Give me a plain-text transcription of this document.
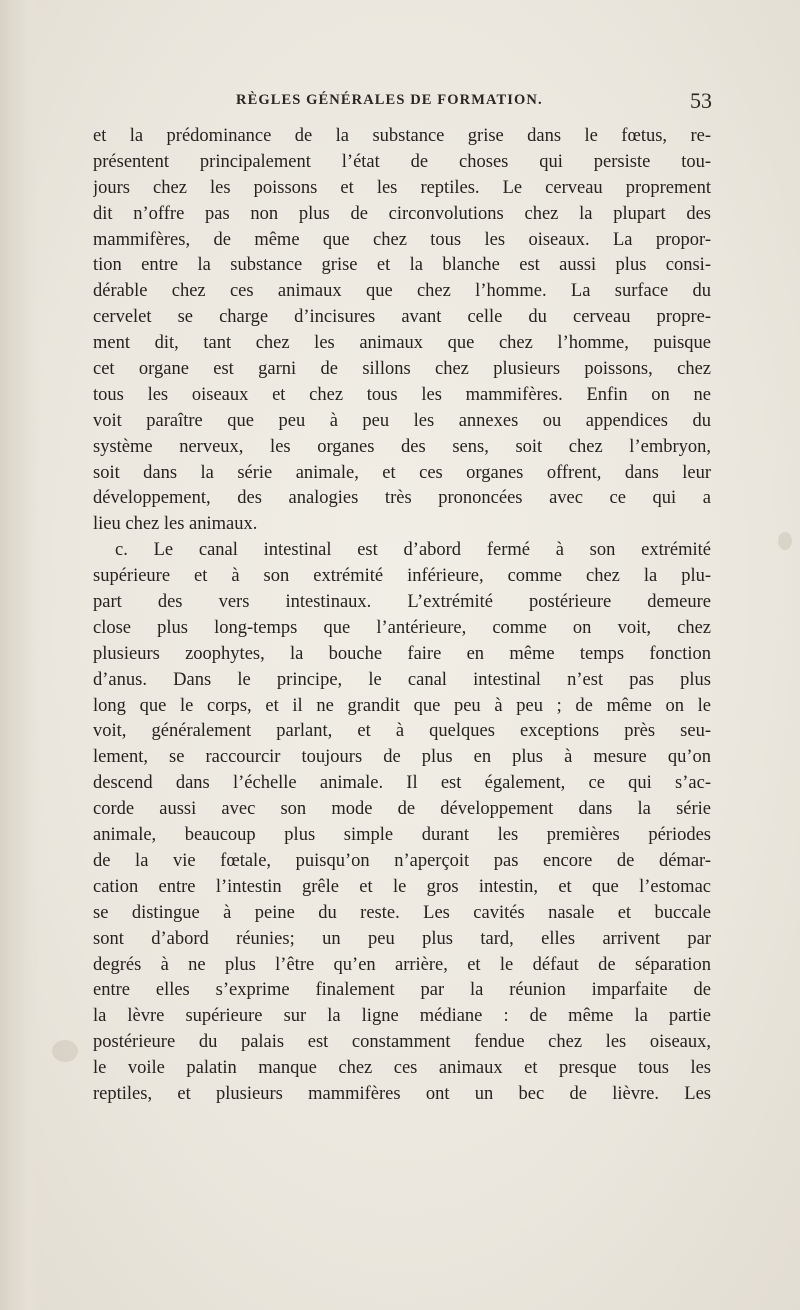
RÈGLES GÉNÉRALES DE FORMATION.	53
et la prédominance de la substance grise dans le fœtus, re-
présentent principalement l’état de choses qui persiste tou-
jours chez les poissons et les reptiles. Le cerveau proprement
dit n’offre pas non plus de circonvolutions chez la plupart des
mammifères, de même que chez tous les oiseaux. La propor-
tion entre la substance grise et la blanche est aussi plus consi-
dérable chez ces animaux que chez l’homme. La surface du
cervelet se charge d’incisures avant celle du cerveau propre-
ment dit, tant chez les animaux que chez l’homme, puisque
cet organe est garni de sillons chez plusieurs poissons, chez
tous les oiseaux et chez tous les mammifères. Enfin on ne
voit paraître que peu à peu les annexes ou appendices du
système nerveux, les organes des sens, soit chez l’embryon,
soit dans la série animale, et ces organes offrent, dans leur
développement, des analogies très prononcées avec ce qui a
lieu chez les animaux.
c. Le canal intestinal est d’abord fermé à son extrémité
supérieure et à son extrémité inférieure, comme chez la plu-
part des vers intestinaux. L’extrémité postérieure demeure
close plus long-temps que l’antérieure, comme on voit, chez
plusieurs zoophytes, la bouche faire en même temps fonction
d’anus. Dans le principe, le canal intestinal n’est pas plus
long que le corps, et il ne grandit que peu à peu ; de même on le
voit, généralement parlant, et à quelques exceptions près seu-
lement, se raccourcir toujours de plus en plus à mesure qu’on
descend dans l’échelle animale. Il est également, ce qui s’ac-
corde aussi avec son mode de développement dans la série
animale, beaucoup plus simple durant les premières périodes
de la vie fœtale, puisqu’on n’aperçoit pas encore de démar-
cation entre l’intestin grêle et le gros intestin, et que l’estomac
se distingue à peine du reste. Les cavités nasale et buccale
sont d’abord réunies; un peu plus tard, elles arrivent par
degrés à ne plus l’être qu’en arrière, et le défaut de séparation
entre elles s’exprime finalement par la réunion imparfaite de
la lèvre supérieure sur la ligne médiane : de même la partie
postérieure du palais est constamment fendue chez les oiseaux,
le voile palatin manque chez ces animaux et presque tous les
reptiles, et plusieurs mammifères ont un bec de lièvre. Les
